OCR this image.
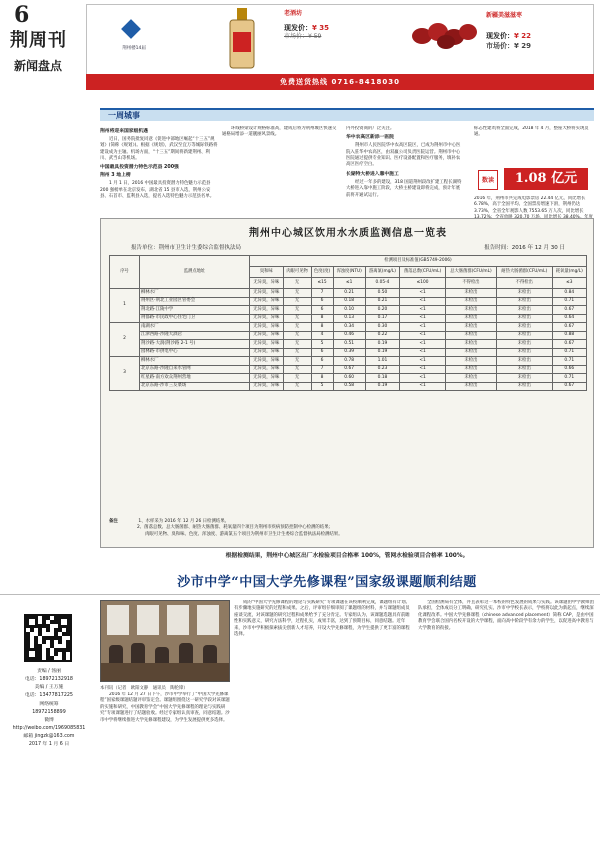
6
荆周刊
新闻盘点
荆州楼14届
老酒坊
现发价：¥ 35
市场价：¥ 59
新疆美滋滋枣
现发价：¥ 22
市场价：¥ 29
免费送货热线 0716-8418030
一周城事
荆州将迎来国家级机遇
近日，国务院批复同意《促进中部地区崛起“十三五”规划》(简称《规划》)。根据《规划》，武汉至宜万等城际铁路将建设成为主轴。机场方面，“十三五”期间将新建荆州、利川、武当山等机场。
中国最具投资潜力特色示范县 200强
荆州 3 地上榜
1 月 1 日，2016 中国最具投资潜力特色魅力示范县 200 强榜单在北京发布，湖北省 15 县市入选，荆州公安县、石首市、监利县入选，提名入选特色魅力示范县名单。
环线桥梁设计规格标准高，建成后将为荆州城区快速交通格局增添一道靓丽风景线。
内外投资商的广泛关注。
华中农高区新添一医院
荆州市人民医院华中农高区院区，已成为荆州市中心医院入驻华中农高区，由双赢公司负责医院运营。荆州市中心医院通过提供专业知识、医疗设备配置和医疗服务，填补农高区医疗空白。
长湖特大桥进入靠中施工
经过一年多的建设，318 国道荆州段改扩建工程长湖特大桥进入靠中施工阶段，大桥主桥建设即将完成，预计年底前将开通试运行。
标志性建筑将全面完成，2018 年 4 月，整座大桥将实现贯通。
数读	1.08 亿元
2016 年，荆州市共完成电影票房 22.44 亿元，同比增长 6.78%，高于全国平均。全国票房增速下滑，荆州仍达 3.73%，全省全年观影人数 7553.65 万人次，同比增长
荆州中心城区饮用水水质监测信息一览表
报告单位：荆州市卫生计生委综合监督执法局	报告时间：2016 年 12 月 30 日
序号	监测点地址	检测项目及标准值(GB5749-2006)								
		臭和味	肉眼可见物	色度(度)	浑浊度(NTU)	游离氯(mg/L)	菌落总数(CFU/mL)	总大肠菌群(CFU/mL)	耐热大肠菌群(CFU/mL)	耗氧量(mg/L)
		无异臭，异味	无	≤15	≤1	0.05-4	≤100	不得检出	不得检出	≤3
1	柳林水厂	无异臭，异味	无	7	0.21	0.50	<1	未检出	未检出	0.84
	荆州区·荆北工业园区管委会	无异臭，异味	无	6	0.18	0.21	<1	未检出	未检出	0.71
	荆北路·江陵中学	无异臭，异味	无	6	0.10	0.20	<1	未检出	未检出	0.67
	荆都路·市民政中心住宅门卫	无异臭，异味	无	8	0.13	0.17	<1	未检出	未检出	0.64
2	南湖水厂	无异臭，异味	无	8	0.34	0.30	<1	未检出	未检出	0.67
	江津西路·沙隆大酒店	无异臭，异味	无	4	0.46	0.22	<1	未检出	未检出	0.88
	荆沙路·大润(荆沙路 2-1 号)	无异臭，异味	无	5	0.51	0.19	<1	未检出	未检出	0.67
	园林路·市供电中心	无异臭，异味	无	6	0.39	0.19	<1	未检出	未检出	0.71
3	柳林水厂	无异臭，异味	无	6	0.78	1.01	<1	未检出	未检出	0.71
	北京东路·沙隆自来水管网	无异臭，异味	无	7	0.67	0.23	<1	未检出	未检出	0.66
	红星路·南方欢众荆州营地	无异臭，异味	无	8	0.60	0.18	<1	未检出	未检出	0.71
	北京东路·沙市三友菜场	无异臭，异味	无	5	0.58	0.19	<1	未检出	未检出	0.67
备注	1、水样采为 2016 年 12 月 26 日检测结果。
2、菌落总数、总大肠菌群、耐热大肠菌群、耗氧量四个项目为荆州市疾病预防控制中心检测的结果；
肉眼可见物、臭和味、色度、浑浊度、游离氯五个项目为荆州市卫生计生委综合监督执法局检测结果。
根据检测结果，荆州中心城区出厂水检验项目合格率 100%，管网水检验项目合格率 100%。
沙市中学“中国大学先修课程”国家级课题顺利结题
责编 / 汤丽
电话：18972132918
美编 / 王万施
电话：13477817225
网络统筹
18972158899
微博
http://weibo.com/1969085831
邮箱 jingzk@163.com
2017 年 1 月 6 日
本刊讯（记者　欧阳文静　通讯员　陶伦锋）
2016 年 12 月 27 日下午，沙市中学举行了“中国大学先修课程”国家级课题结题评审鉴定会。课题组围绕这一研究学段对该课题的实施和研究，中国教育学会“中国大学先修课程的理论与实践研究”专项课题进行了结题验收。经过专家组认真审查，同意结题。沙市中学将继续推进大学先修课程建设，为学生发展提供更多选择。
成的“中国大学先修课程的理论与实践研究”专项课题在该校顺利完成，课题组有计划、有步骤地实施研究的过程和成果。之后，评审组仔细审阅了课题组的材料，并与课题组成员座谈交流，对该课题的研究过程和成果给予了充分肯定。专家组认为，该课题选题具有前瞻性和实践意义，研究方法科学，过程扎实，成果丰富，达到了预期目标，同意结题。近年来，沙市中学积极探索拔尖创新人才培养，开设大学先修课程，为学生提供了更丰富的课程选择。
全国检测局有全体，并且表彰这一本校的特色发展的成果与实践。该课题由中学教师团队承担，全体成员分工明确，研究扎实。沙市中学校长表示，学校将以此为新起点，继续深化课程改革。中国大学先修课程（chinese advanced placement）简称 CAP，是由中国教育学会联合国内名校开设的大学课程，面向高中阶段学有余力的学生，以促进高中教育与大学教育的衔接。
